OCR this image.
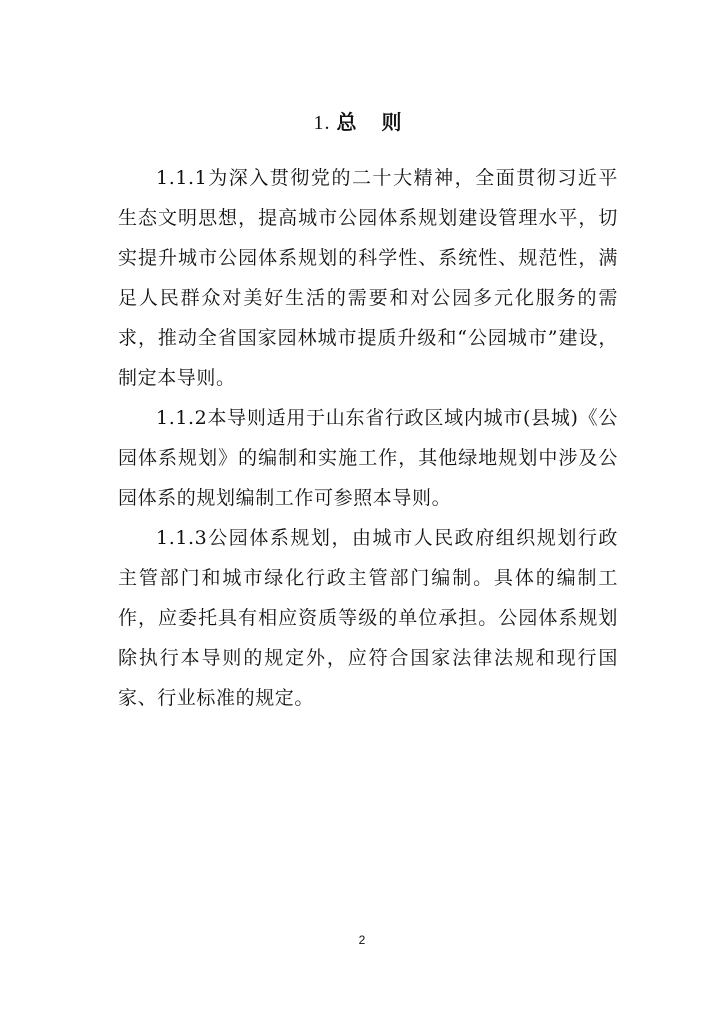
1. 总 则

1.1.1为深入贯彻党的二十大精神，全面贯彻习近平生态文明思想，提高城市公园体系规划建设管理水平，切实提升城市公园体系规划的科学性、系统性、规范性，满足人民群众对美好生活的需要和对公园多元化服务的需求，推动全省国家园林城市提质升级和“公园城市”建设，制定本导则。

1.1.2本导则适用于山东省行政区域内城市(县城)《公园体系规划》的编制和实施工作，其他绿地规划中涉及公园体系的规划编制工作可参照本导则。

1.1.3公园体系规划，由城市人民政府组织规划行政主管部门和城市绿化行政主管部门编制。具体的编制工作，应委托具有相应资质等级的单位承担。公园体系规划除执行本导则的规定外，应符合国家法律法规和现行国家、行业标准的规定。

2
